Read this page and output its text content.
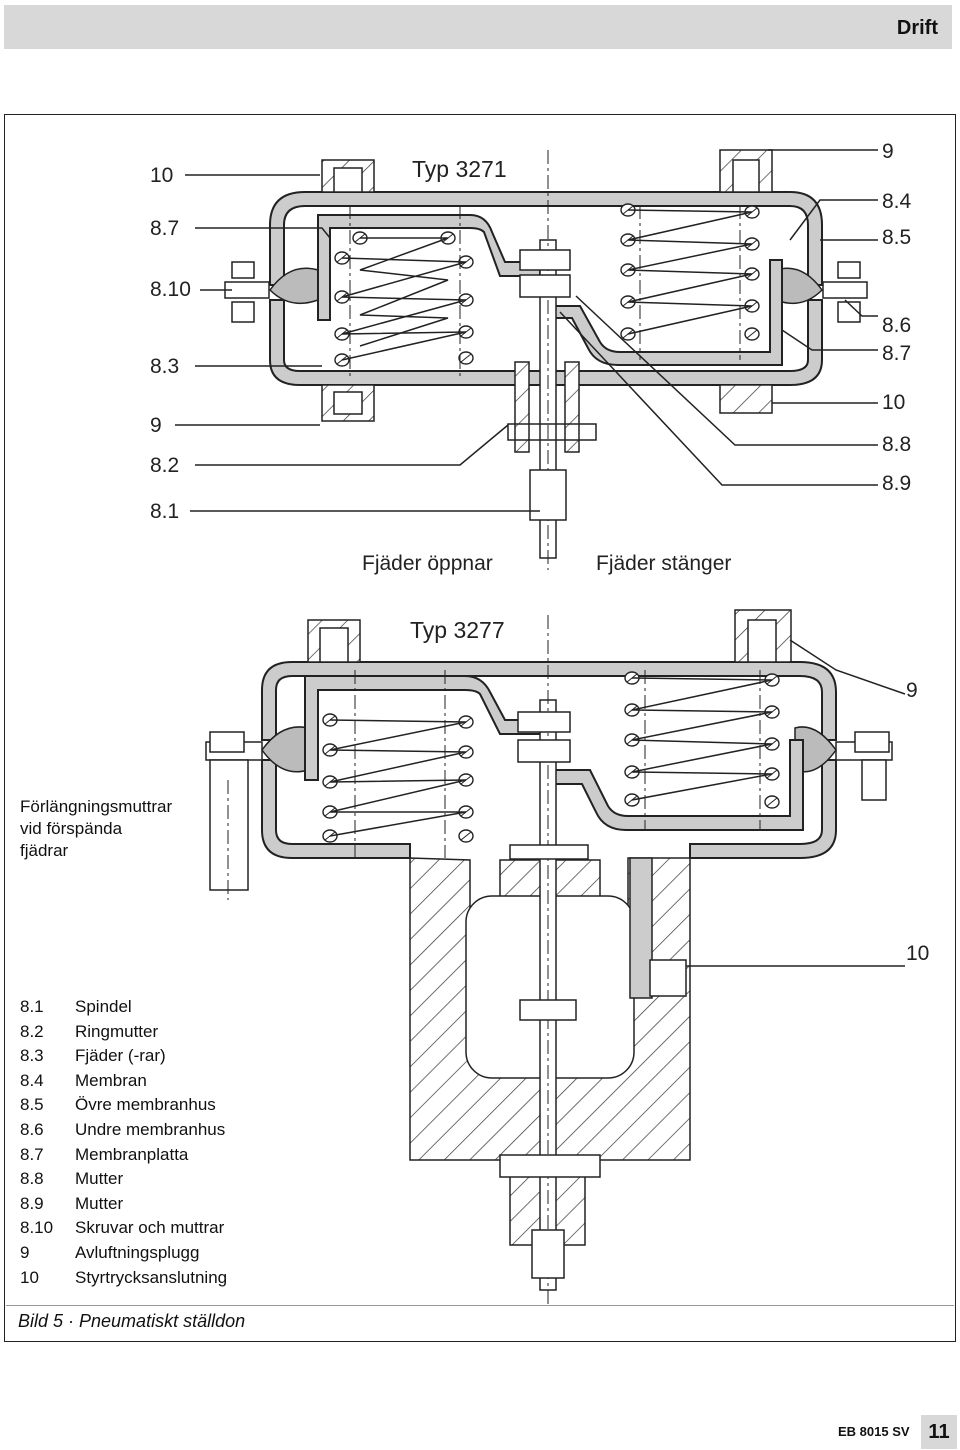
Drift
10
8.7
8.10
8.3
9
8.2
8.1
9
8.4
8.5
8.6
8.7
10
8.8
8.9
Typ 3271
Fjäder öppnar	Fjäder stänger
Typ 3277
9
10
Förlängningsmuttrar
vid förspända
fjädrar
8.1	Spindel
8.2	Ringmutter
8.3	Fjäder (-rar)
8.4	Membran
8.5	Övre membranhus
8.6	Undre membranhus
8.7	Membranplatta
8.8	Mutter
8.9	Mutter
8.10	Skruvar och muttrar
9	Avluftningsplugg
10	Styrtrycksanslutning
Bild 5 · Pneumatiskt ställdon
EB 8015 SV 11
